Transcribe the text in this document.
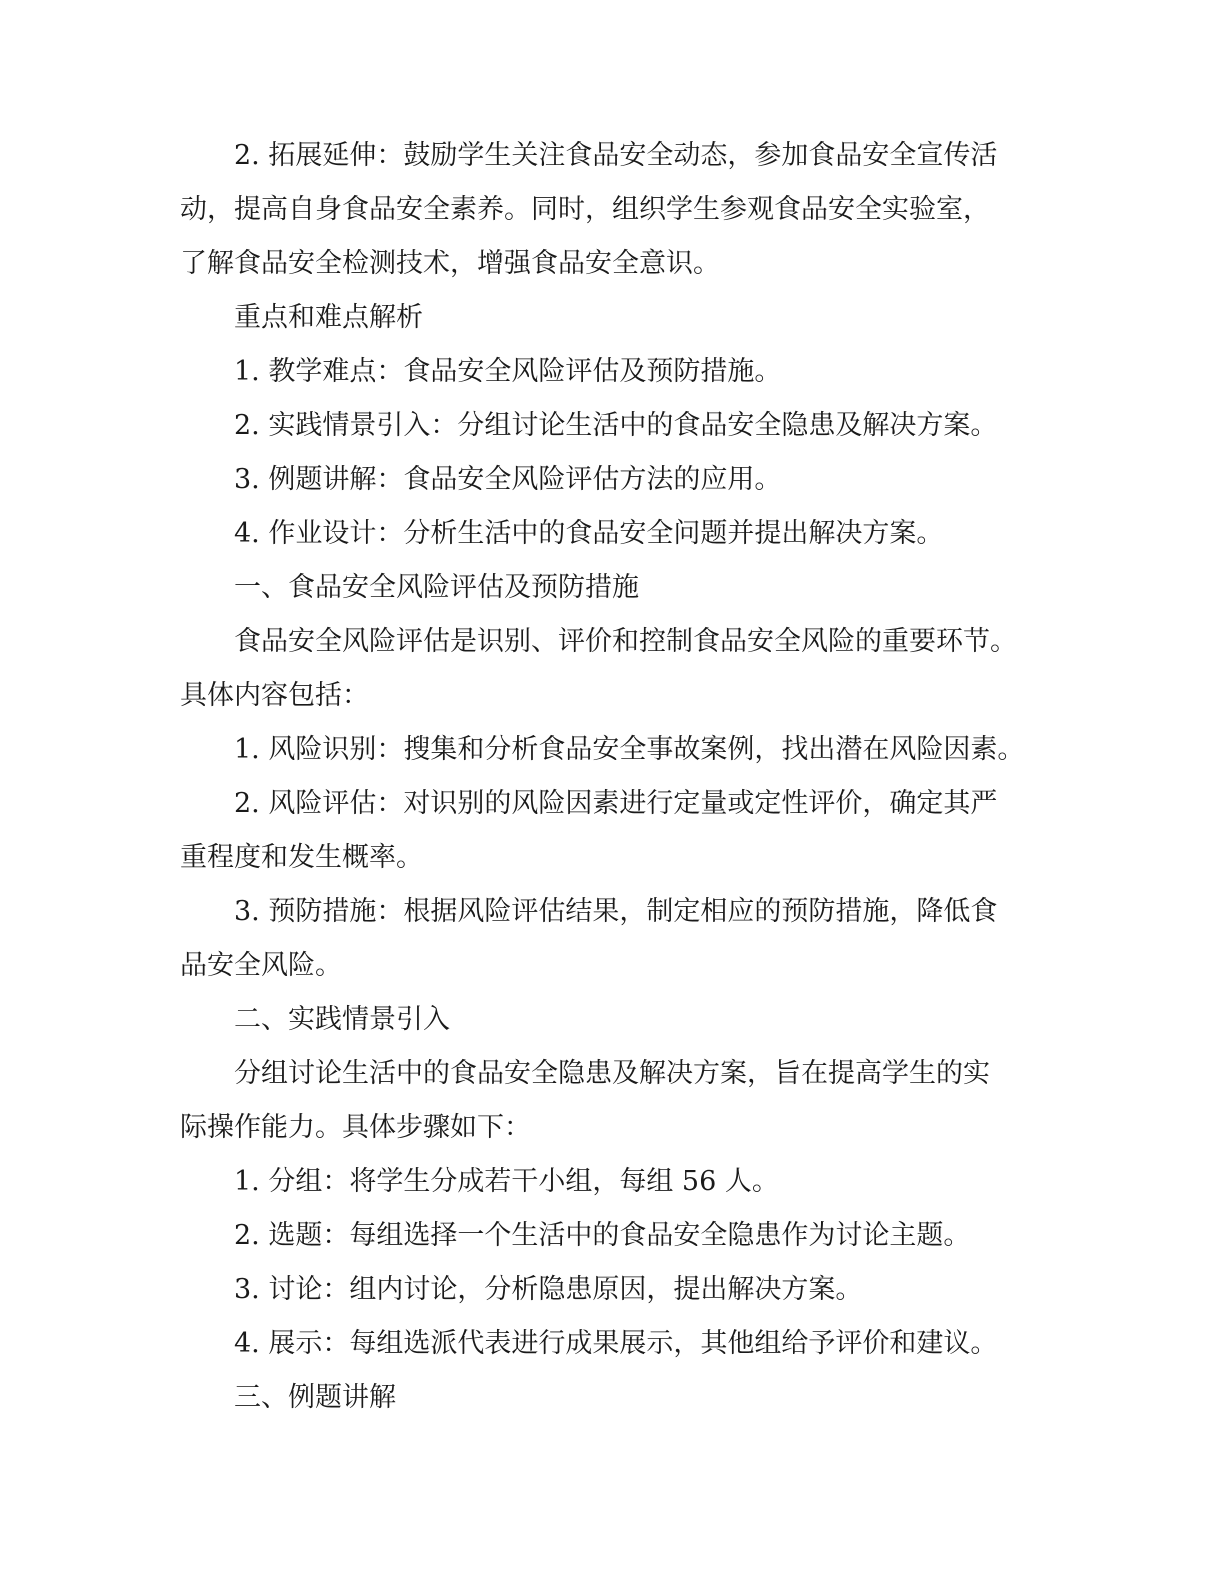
2. 拓展延伸：鼓励学生关注食品安全动态，参加食品安全宣传活
动，提高自身食品安全素养。同时，组织学生参观食品安全实验室，
了解食品安全检测技术，增强食品安全意识。
重点和难点解析
1. 教学难点：食品安全风险评估及预防措施。
2. 实践情景引入：分组讨论生活中的食品安全隐患及解决方案。
3. 例题讲解：食品安全风险评估方法的应用。
4. 作业设计：分析生活中的食品安全问题并提出解决方案。
一、食品安全风险评估及预防措施
食品安全风险评估是识别、评价和控制食品安全风险的重要环节。
具体内容包括：
1. 风险识别：搜集和分析食品安全事故案例，找出潜在风险因素。
2. 风险评估：对识别的风险因素进行定量或定性评价，确定其严
重程度和发生概率。
3. 预防措施：根据风险评估结果，制定相应的预防措施，降低食
品安全风险。
二、实践情景引入
分组讨论生活中的食品安全隐患及解决方案，旨在提高学生的实
际操作能力。具体步骤如下：
1. 分组：将学生分成若干小组，每组 56 人。
2. 选题：每组选择一个生活中的食品安全隐患作为讨论主题。
3. 讨论：组内讨论，分析隐患原因，提出解决方案。
4. 展示：每组选派代表进行成果展示，其他组给予评价和建议。
三、例题讲解
